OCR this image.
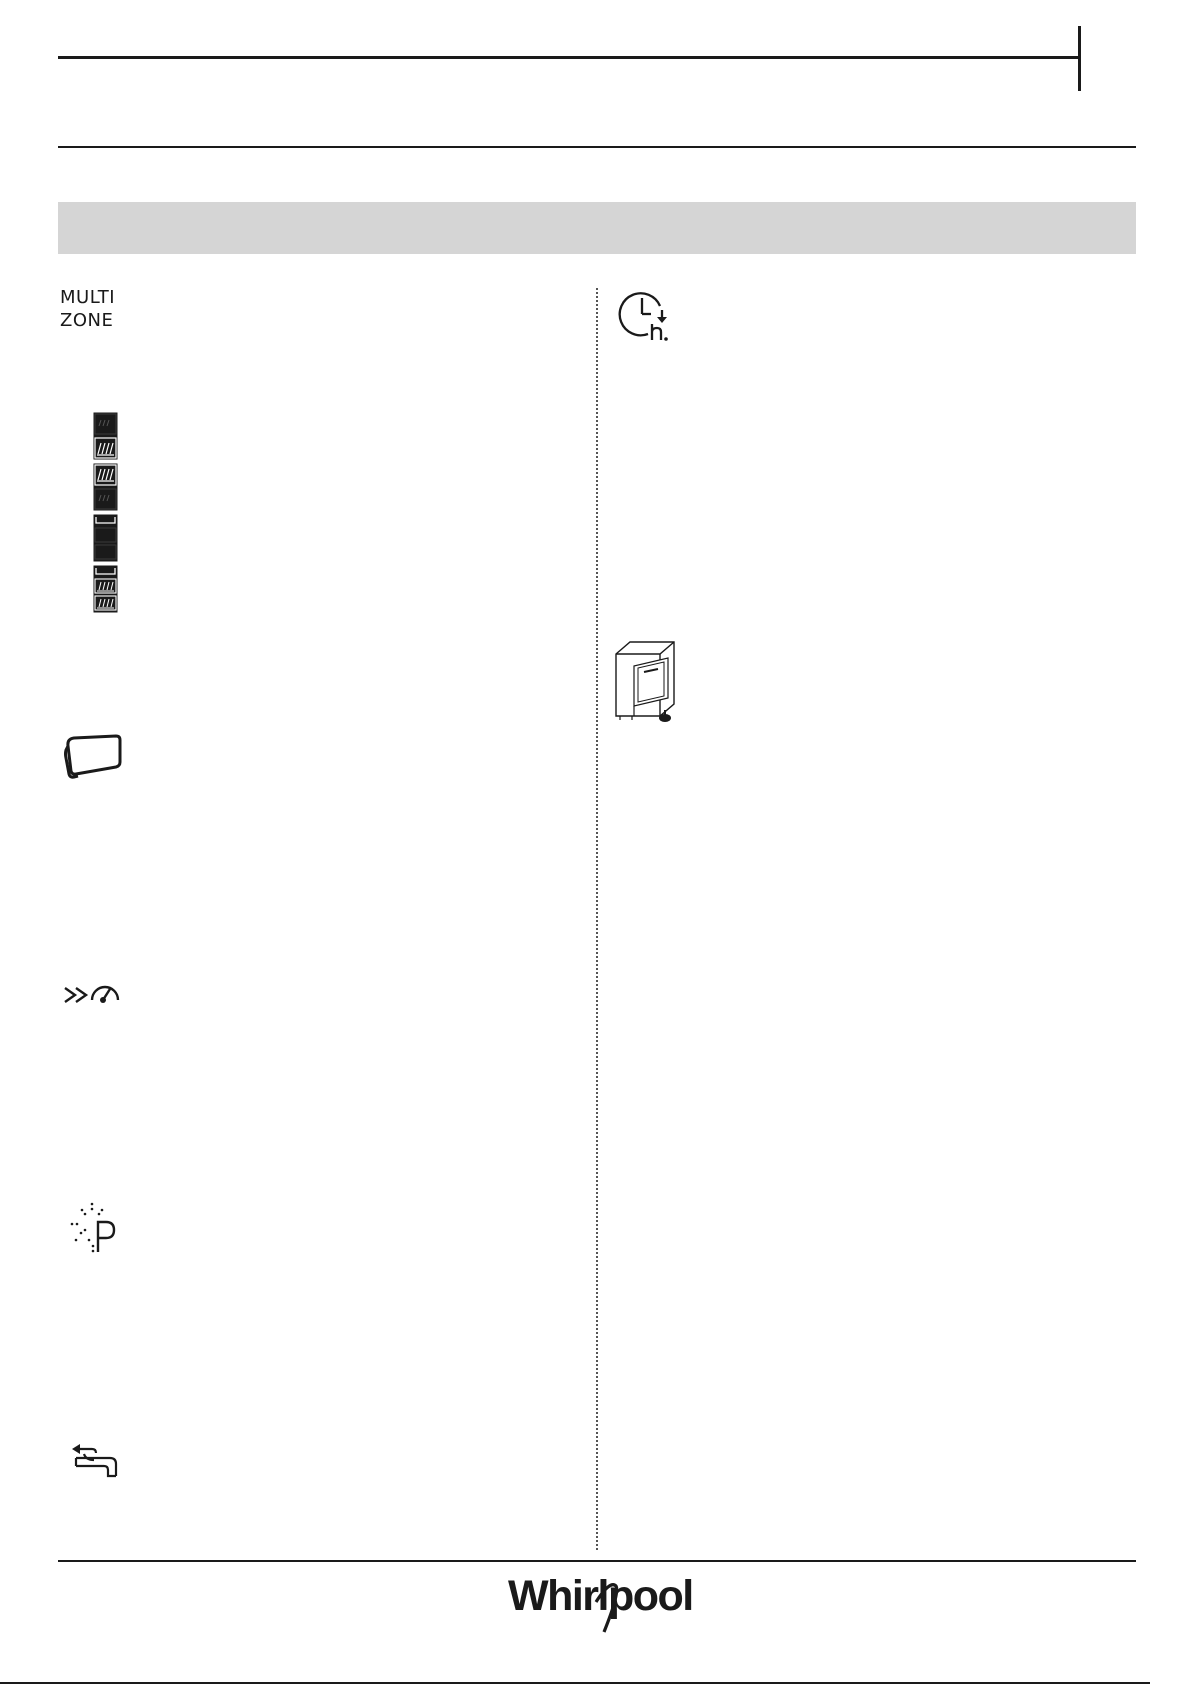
MULTI
ZONE
Whirlpool
